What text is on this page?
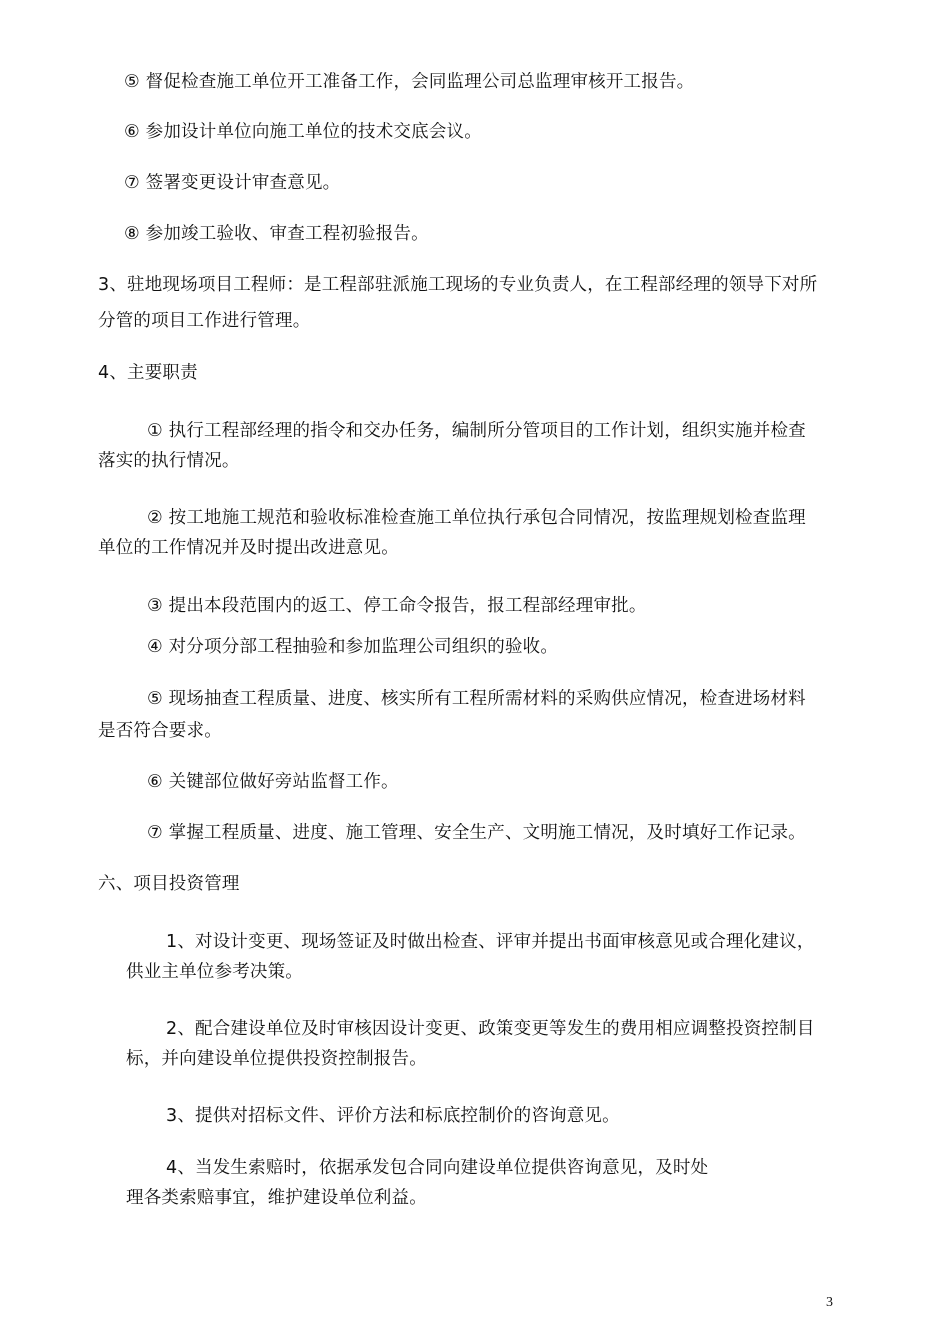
⑤ 督促检查施工单位开工准备工作，会同监理公司总监理审核开工报告。
⑥ 参加设计单位向施工单位的技术交底会议。
⑦ 签署变更设计审查意见。
⑧ 参加竣工验收、审查工程初验报告。
3、驻地现场项目工程师：是工程部驻派施工现场的专业负责人，在工程部经理的领导下对所
分管的项目工作进行管理。
4、主要职责
① 执行工程部经理的指令和交办任务，编制所分管项目的工作计划，组织实施并检查
落实的执行情况。
② 按工地施工规范和验收标准检查施工单位执行承包合同情况，按监理规划检查监理
单位的工作情况并及时提出改进意见。
③ 提出本段范围内的返工、停工命令报告，报工程部经理审批。
④ 对分项分部工程抽验和参加监理公司组织的验收。
⑤ 现场抽查工程质量、进度、核实所有工程所需材料的采购供应情况，检查进场材料
是否符合要求。
⑥ 关键部位做好旁站监督工作。
⑦ 掌握工程质量、进度、施工管理、安全生产、文明施工情况，及时填好工作记录。
六、项目投资管理
1、对设计变更、现场签证及时做出检查、评审并提出书面审核意见或合理化建议，
供业主单位参考决策。
2、配合建设单位及时审核因设计变更、政策变更等发生的费用相应调整投资控制目
标，并向建设单位提供投资控制报告。
3、提供对招标文件、评价方法和标底控制价的咨询意见。
4、当发生索赔时，依据承发包合同向建设单位提供咨询意见，及时处
理各类索赔事宜，维护建设单位利益。
3
